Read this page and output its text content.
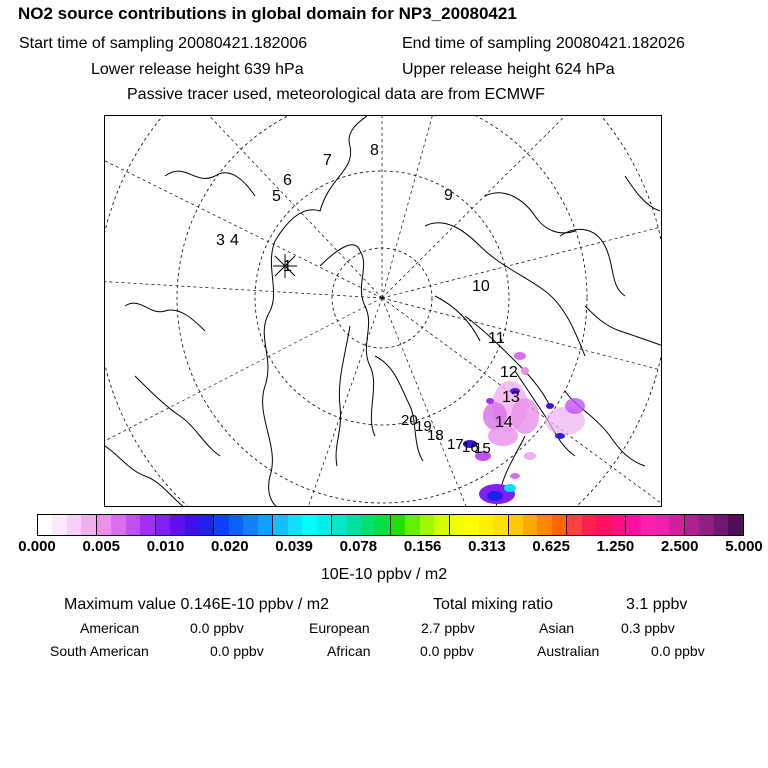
NO2 source contributions in global domain for NP3_20080421
Start time of sampling 20080421.182006	End time of sampling 20080421.182026
Lower release height 639 hPa	Upper release height 624 hPa
Passive tracer used, meteorological data are from ECMWF
1
3 4
5
6
7
8
9
10
11
12
13
14
15
16
17
18
19
20
0.000 0.005 0.010 0.020 0.039 0.078 0.156 0.313 0.625 1.250 2.500 5.000
10E-10 ppbv / m2
Maximum value 0.146E-10 ppbv / m2	Total mixing ratio	3.1 ppbv
American	0.0 ppbv	European	2.7 ppbv	Asian	0.3 ppbv
South American	0.0 ppbv	African	0.0 ppbv	Australian	0.0 ppbv
